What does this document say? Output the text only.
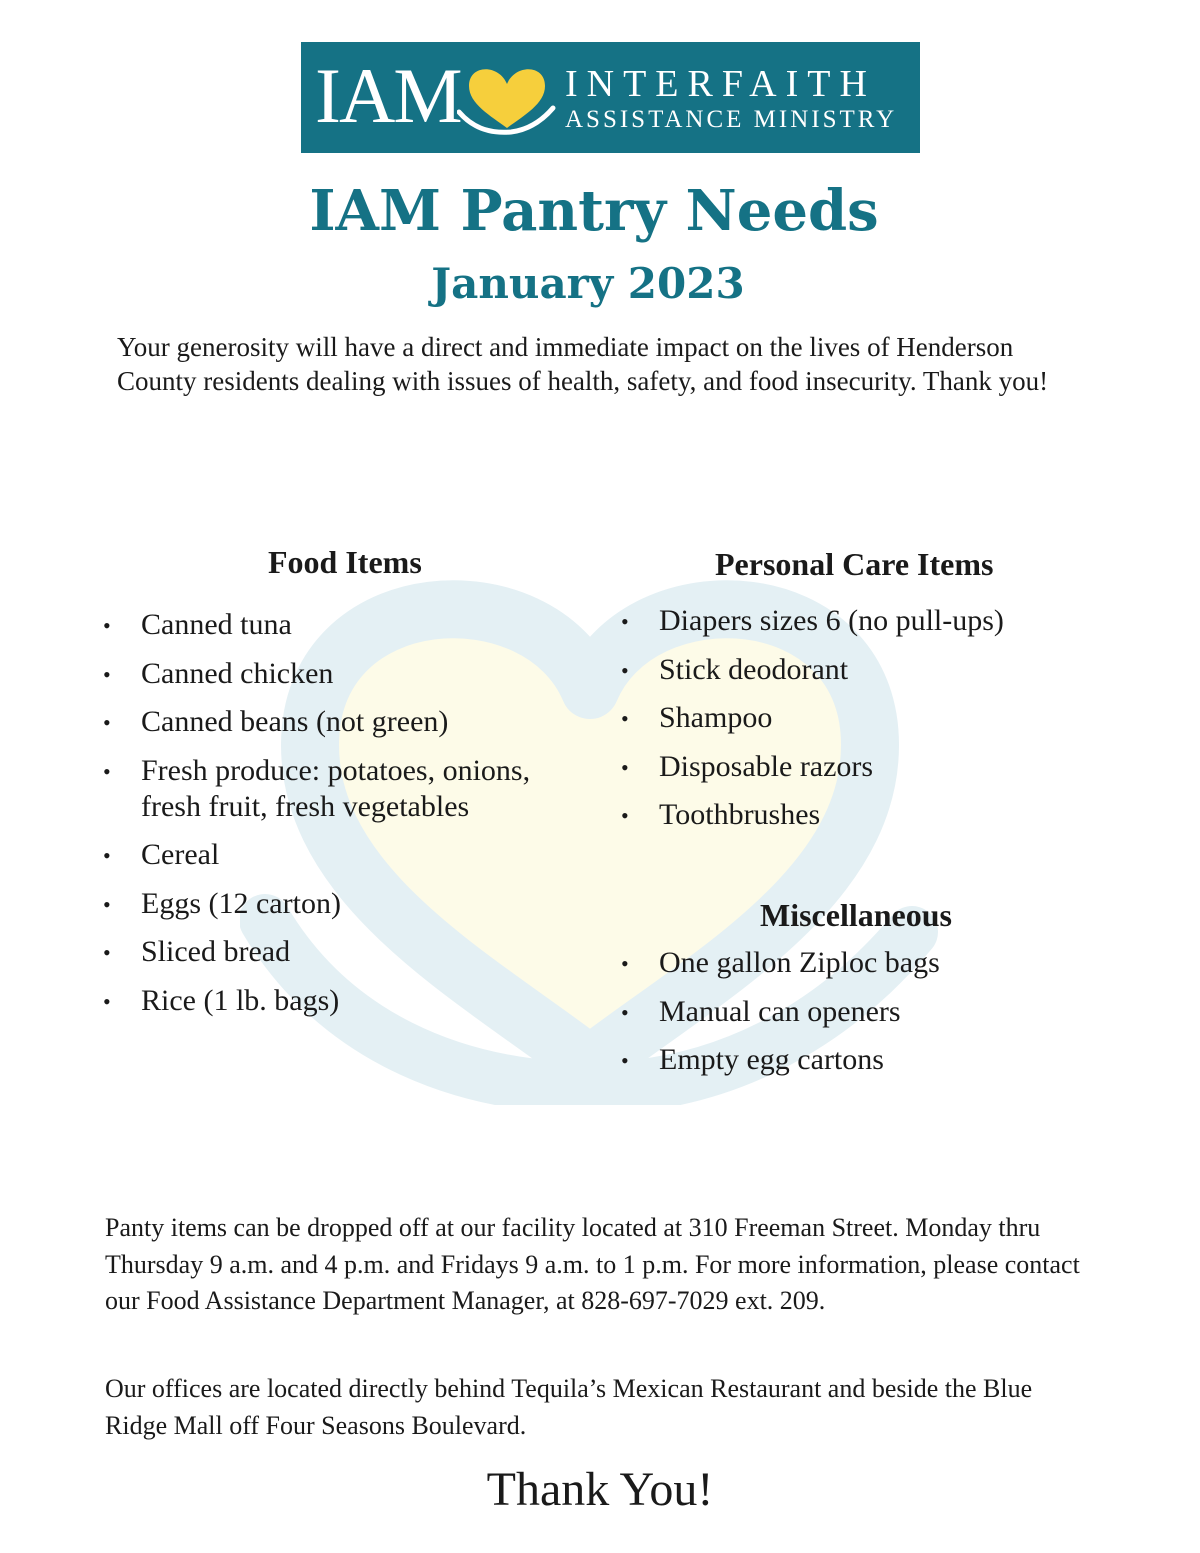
IAM	INTERFAITH
ASSISTANCE MINISTRY
IAM Pantry Needs
January 2023

Your generosity will have a direct and immediate impact on the lives of Henderson County residents dealing with issues of health, safety, and food insecurity. Thank you!

Food Items
• Canned tuna
• Canned chicken
• Canned beans (not green)
• Fresh produce: potatoes, onions, fresh fruit, fresh vegetables
• Cereal
• Eggs (12 carton)
• Sliced bread
• Rice (1 lb. bags)
Personal Care Items
• Diapers sizes 6 (no pull-ups)
• Stick deodorant
• Shampoo
• Disposable razors
• Toothbrushes
Miscellaneous
• One gallon Ziploc bags
• Manual can openers
• Empty egg cartons

Panty items can be dropped off at our facility located at 310 Freeman Street. Monday thru Thursday 9 a.m. and 4 p.m. and Fridays 9 a.m. to 1 p.m. For more information, please contact our Food Assistance Department Manager, at 828-697-7029 ext. 209.

Our offices are located directly behind Tequila’s Mexican Restaurant and beside the Blue Ridge Mall off Four Seasons Boulevard.

Thank You!
